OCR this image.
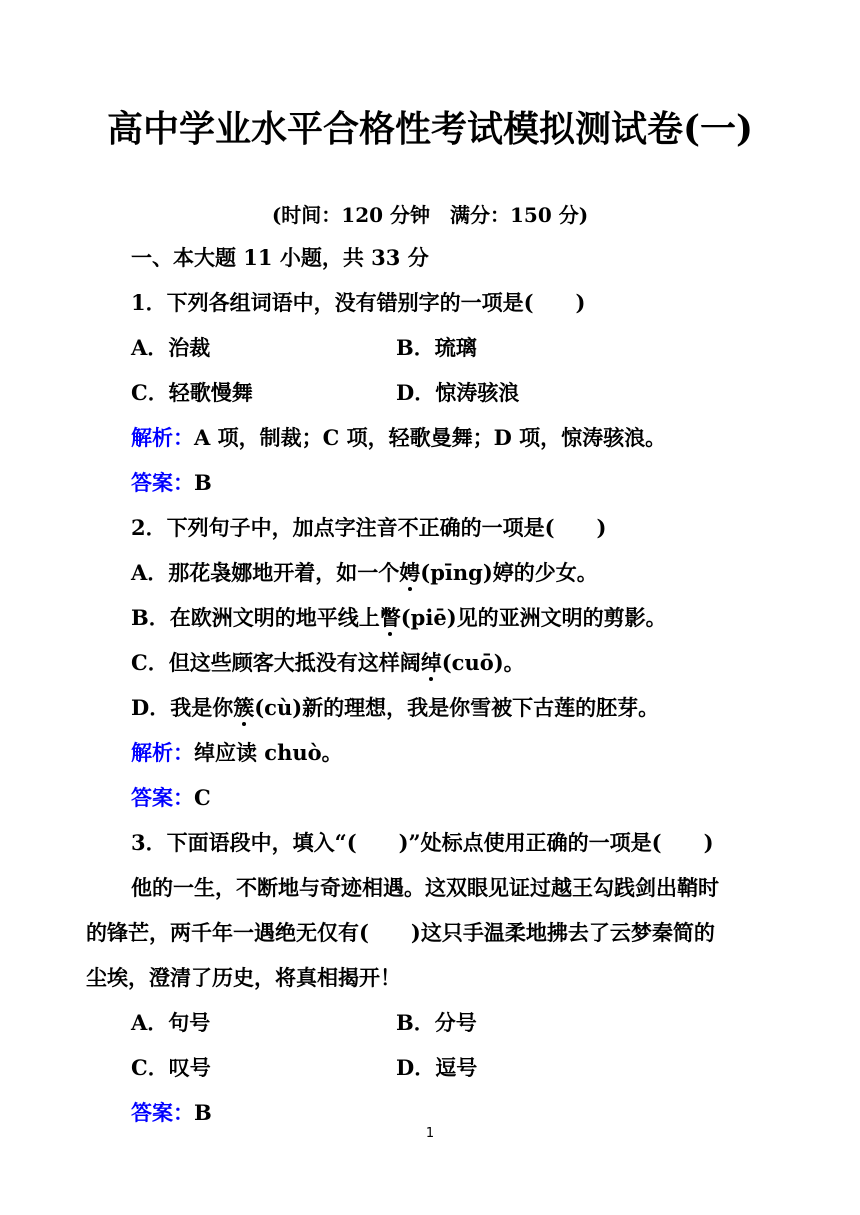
高中学业水平合格性考试模拟测试卷(一)
(时间：120 分钟　满分：150 分)
一、本大题 11 小题，共 33 分
1．下列各组词语中，没有错别字的一项是(　　)
A．治裁	B．琉璃
C．轻歌慢舞	D．惊涛骇浪
解析：A 项，制裁；C 项，轻歌曼舞；D 项，惊涛骇浪。
答案：B
2．下列句子中，加点字注音不正确的一项是(　　)
A．那花袅娜地开着，如一个娉(pīng)婷的少女。
B．在欧洲文明的地平线上瞥(piē)见的亚洲文明的剪影。
C．但这些顾客大抵没有这样阔绰(cuō)。
D．我是你簇(cù)新的理想，我是你雪被下古莲的胚芽。
解析：绰应读 chuò。
答案：C
3．下面语段中，填入“(　　)”处标点使用正确的一项是(　　)
他的一生，不断地与奇迹相遇。这双眼见证过越王勾践剑出鞘时
的锋芒，两千年一遇绝无仅有(　　)这只手温柔地拂去了云梦秦简的
尘埃，澄清了历史，将真相揭开！
A．句号	B．分号
C．叹号	D．逗号
答案：B
1
